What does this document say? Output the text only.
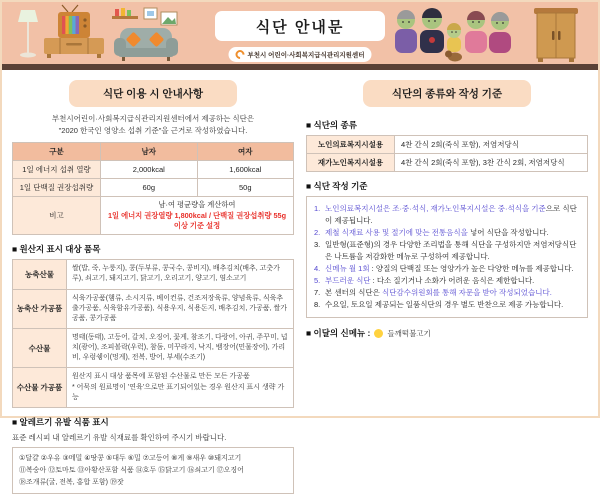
식단 안내문
부천시 어린이·사회복지급식관리지원센터
식단 이용 시 안내사항
부천시어린이·사회복지급식관리지원센터에서 제공하는 식단은
"2020 한국인 영양소 섭취 기준"을 근거로 작성하였습니다.
구분	남자	여자
1일 에너지 섭취 열량	2,000kcal	1,600kcal
1일 단백질 권장섭취량	60g	50g
비고	남·여 평균량을 계산하여
1일 에너지 권장열량 1,800kcal / 단백질 권장섭취량 55g 이상 기준 설정	
■ 원산지 표시 대상 품목
농축산물	쌀(밥, 죽, 누룽지), 콩(두부류, 콩국수, 콩비지), 배추김치(배추, 고춧가루), 쇠고기, 돼지고기, 닭고기, 오리고기, 양고기, 염소고기
농축산 가공품	식육가공품(햄류, 소시지류, 베이컨류, 건조저장육류, 양념육류, 식육추출가공품, 식육함유가공품), 식용우지, 식용돈지, 배추김치, 가공품, 쌀가공품, 콩가공품
수산물	명태(동태), 고등어, 갈치, 오징어, 꽃게, 참조기, 다랑어, 아귀, 주꾸미, 넙치(광어), 조피볼락(우럭), 참돔, 미꾸라지, 낙지, 뱀장어(민물장어), 가리비, 우렁쉥이(멍게), 전복, 방어, 부세(수조기)
수산물 가공품	원산지 표시 대상 품목에 포함된 수산물로 만든 모든 가공품
* 어묵의 원료명이 '연육'으로만 표기되어있는 경우 원산지 표시 생략 가능
■ 알레르기 유발 식품 표시
표준 레시피 내 알레르기 유발 식재료를 확인하여 주시기 바랍니다.
①달걀 ②우유 ③메밀 ④땅콩 ⑤대두 ⑥밀 ⑦고등어 ⑧게 ⑨새우 ⑩돼지고기
⑪복숭아 ⑫토마토 ⑬아황산포함 식품 ⑭호두 ⑮닭고기 ⑯쇠고기 ⑰오징어
⑱조개류(굴, 전복, 홍합 포함) ⑲잣
식단의 종류와 작성 기준
■ 식단의 종류
노인의료복지시설용	4찬 간식 2회(죽식 포함), 저염저당식
재가노인복지시설용	4찬 간식 2회(죽식 포함), 3찬 간식 2회, 저염저당식
■ 식단 작성 기준
1. 노인의료복지시설은 조·중·석식, 재가노인복지시설은 중·석식을 기준으로 식단이 제공됩니다.
2. 제철 식재료 사용 및 절기에 맞는 전통음식을 넣어 식단을 작성합니다.
3. 일반형(표준형)의 경우 다양한 조리법을 통해 식단을 구성하지만 저염저당식단은 나트륨을 저감화한 메뉴로 구성하여 제공합니다.
4. 신메뉴 월 1회 : 양질의 단백질 또는 영양가가 높은 다양한 메뉴를 제공합니다.
5. 부드러운 식단 : 다소 질기거나 소화가 어려운 음식은 제한합니다.
7. 본 센터의 식단은 식단감수위원회를 통해 자문을 받아 작성되었습니다.
8. 수요일, 토요일 제공되는 일품식단의 경우 별도 반찬으로 제공 가능합니다.
■ 이달의 신메뉴 : 들깨떡불고기
